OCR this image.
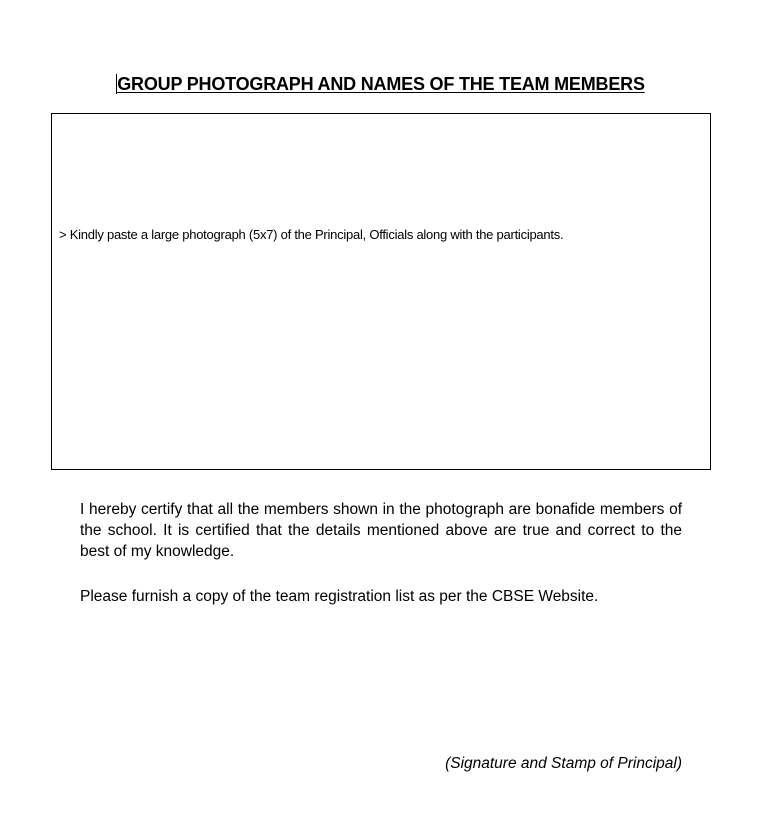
GROUP PHOTOGRAPH AND NAMES OF THE TEAM MEMBERS
> Kindly paste a large photograph (5x7) of the Principal, Officials along with the participants.

I hereby certify that all the members shown in the photograph are bonafide members of the school. It is certified that the details mentioned above are true and correct to the best of my knowledge.

Please furnish a copy of the team registration list as per the CBSE Website.

(Signature and Stamp of Principal)
